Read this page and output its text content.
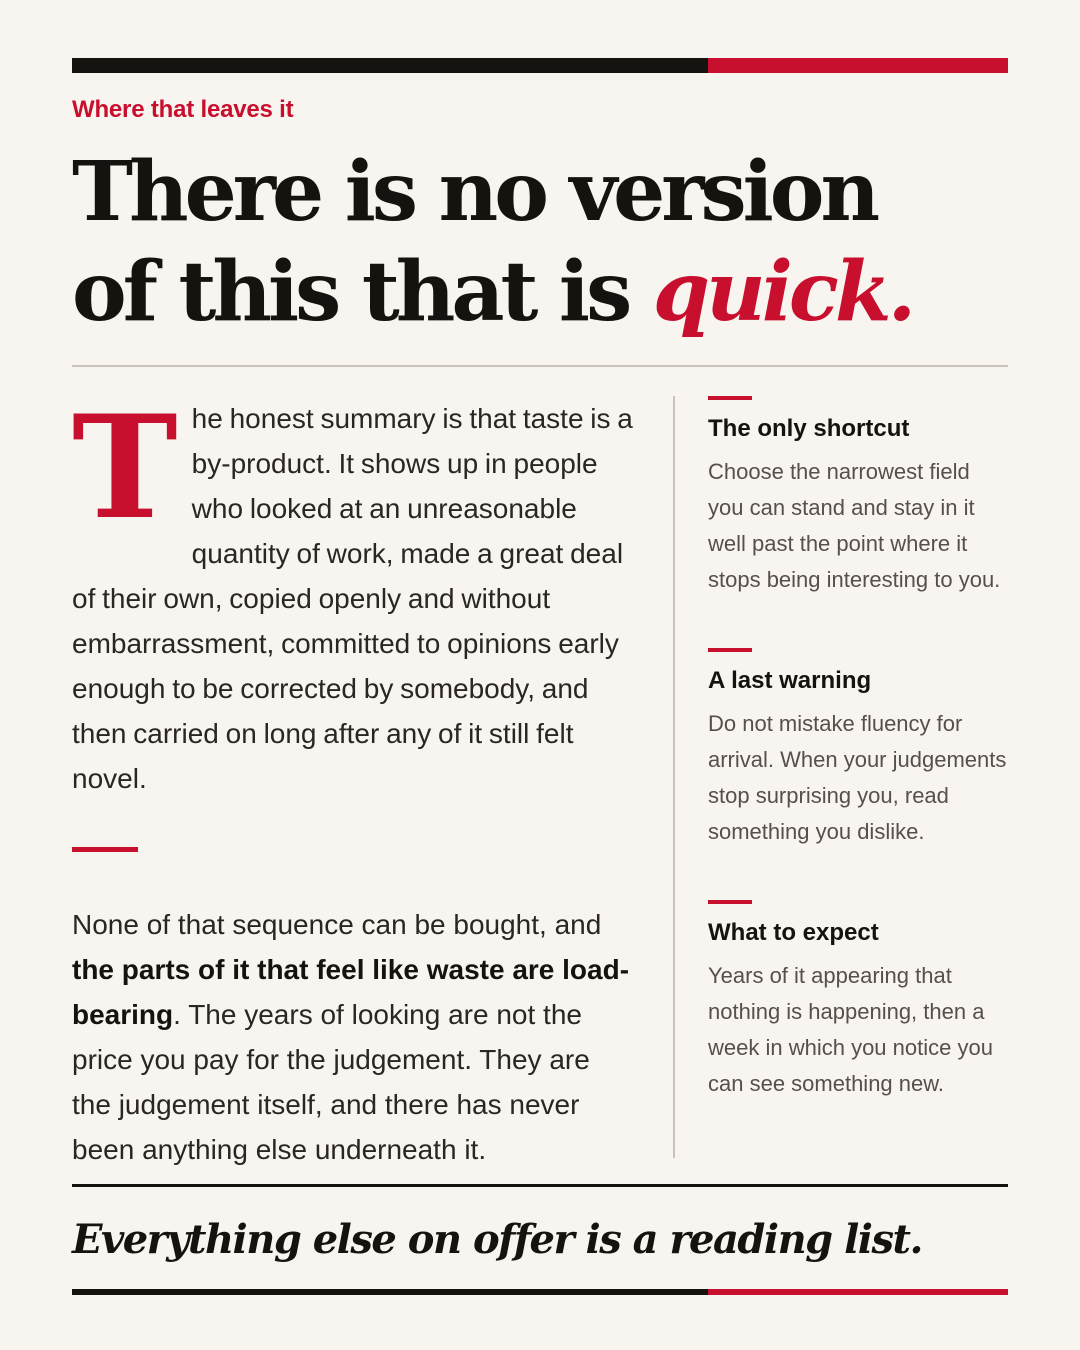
Where that leaves it
There is no version
of this that is quick.

The honest summary is that taste is a by-product. It shows up in people who looked at an unreasonable quantity of work, made a great deal of their own, copied openly and without embarrassment, committed to opinions early enough to be corrected by somebody, and then carried on long after any of it still felt novel.

None of that sequence can be bought, and the parts of it that feel like waste are load-bearing. The years of looking are not the price you pay for the judgement. They are the judgement itself, and there has never been anything else underneath it.

The only shortcut

Choose the narrowest field you can stand and stay in it well past the point where it stops being interesting to you.

A last warning

Do not mistake fluency for arrival. When your judgements stop surprising you, read something you dislike.

What to expect

Years of it appearing that nothing is happening, then a week in which you notice you can see something new.

Everything else on offer is a reading list.
